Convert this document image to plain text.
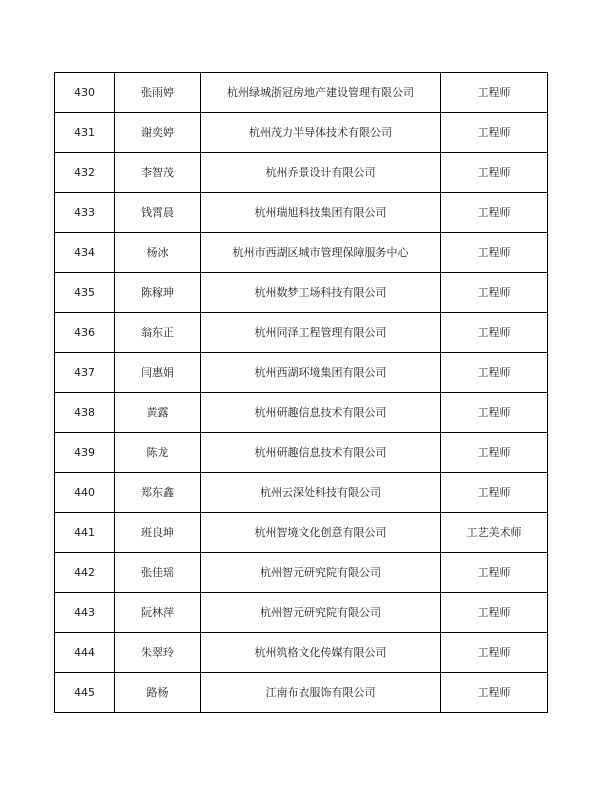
430	张雨婷	杭州绿城浙冠房地产建设管理有限公司	工程师
431	谢奕婷	杭州茂力半导体技术有限公司	工程师
432	李智茂	杭州乔景设计有限公司	工程师
433	钱霄晨	杭州瑞旭科技集团有限公司	工程师
434	杨冰	杭州市西湖区城市管理保障服务中心	工程师
435	陈稼珅	杭州数梦工场科技有限公司	工程师
436	翁东正	杭州同泽工程管理有限公司	工程师
437	闫惠娟	杭州西湖环境集团有限公司	工程师
438	黄露	杭州研趣信息技术有限公司	工程师
439	陈龙	杭州研趣信息技术有限公司	工程师
440	郑东鑫	杭州云深处科技有限公司	工程师
441	班良坤	杭州智境文化创意有限公司	工艺美术师
442	张佳瑶	杭州智元研究院有限公司	工程师
443	阮林萍	杭州智元研究院有限公司	工程师
444	朱翠玲	杭州筑格文化传媒有限公司	工程师
445	路杨	江南布衣服饰有限公司	工程师
